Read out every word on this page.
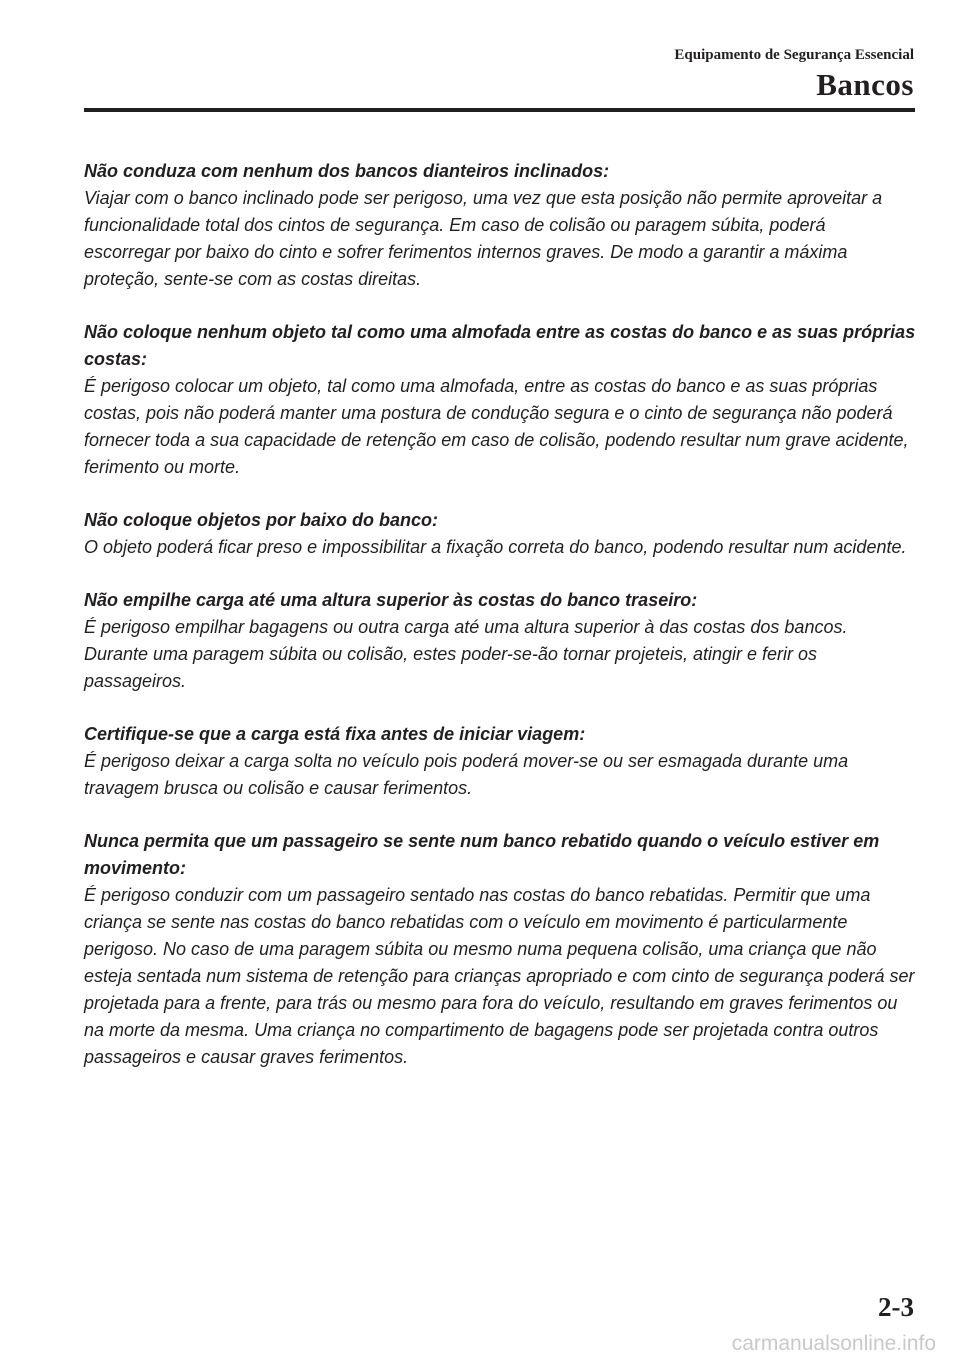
Equipamento de Segurança Essencial
Bancos
Não conduza com nenhum dos bancos dianteiros inclinados:
Viajar com o banco inclinado pode ser perigoso, uma vez que esta posição não permite aproveitar a funcionalidade total dos cintos de segurança. Em caso de colisão ou paragem súbita, poderá escorregar por baixo do cinto e sofrer ferimentos internos graves. De modo a garantir a máxima proteção, sente-se com as costas direitas.
Não coloque nenhum objeto tal como uma almofada entre as costas do banco e as suas próprias costas:
É perigoso colocar um objeto, tal como uma almofada, entre as costas do banco e as suas próprias costas, pois não poderá manter uma postura de condução segura e o cinto de segurança não poderá fornecer toda a sua capacidade de retenção em caso de colisão, podendo resultar num grave acidente, ferimento ou morte.
Não coloque objetos por baixo do banco:
O objeto poderá ficar preso e impossibilitar a fixação correta do banco, podendo resultar num acidente.
Não empilhe carga até uma altura superior às costas do banco traseiro:
É perigoso empilhar bagagens ou outra carga até uma altura superior à das costas dos bancos. Durante uma paragem súbita ou colisão, estes poder-se-ão tornar projeteis, atingir e ferir os passageiros.
Certifique-se que a carga está fixa antes de iniciar viagem:
É perigoso deixar a carga solta no veículo pois poderá mover-se ou ser esmagada durante uma travagem brusca ou colisão e causar ferimentos.
Nunca permita que um passageiro se sente num banco rebatido quando o veículo estiver em movimento:
É perigoso conduzir com um passageiro sentado nas costas do banco rebatidas. Permitir que uma criança se sente nas costas do banco rebatidas com o veículo em movimento é particularmente perigoso. No caso de uma paragem súbita ou mesmo numa pequena colisão, uma criança que não esteja sentada num sistema de retenção para crianças apropriado e com cinto de segurança poderá ser projetada para a frente, para trás ou mesmo para fora do veículo, resultando em graves ferimentos ou na morte da mesma. Uma criança no compartimento de bagagens pode ser projetada contra outros passageiros e causar graves ferimentos.
2-3
carmanualsonline.info
